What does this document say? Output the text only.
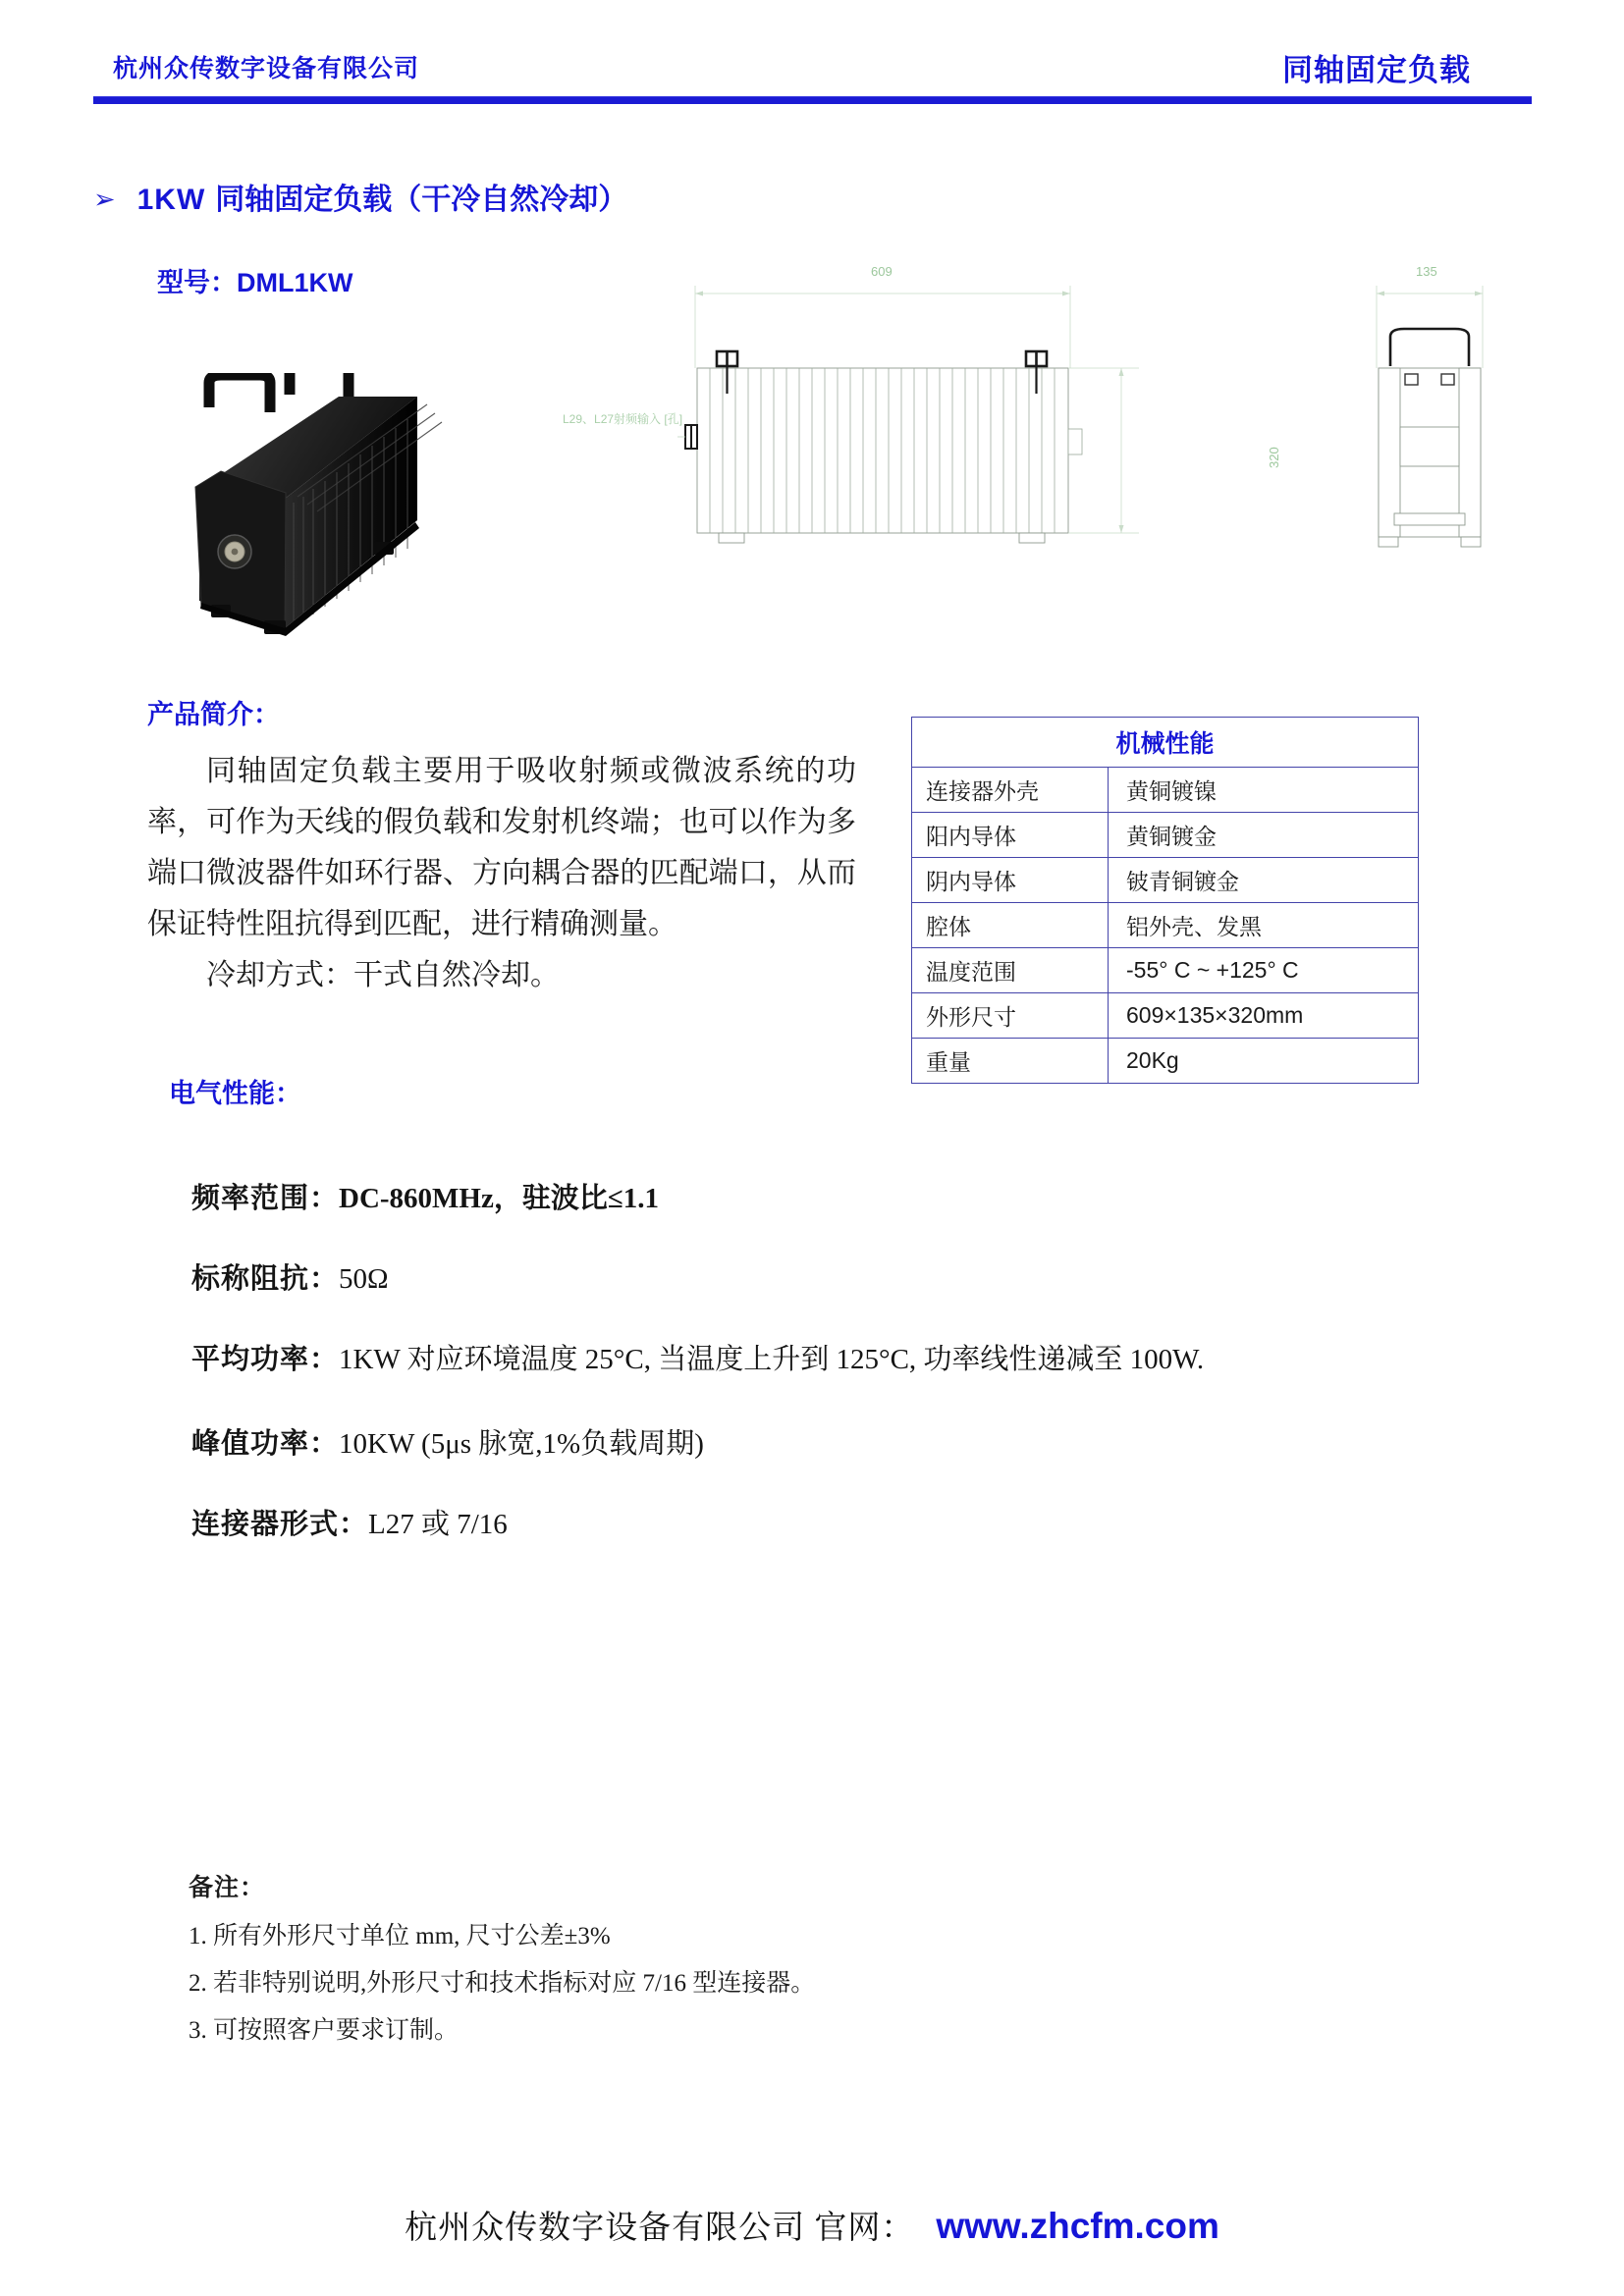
杭州众传数字设备有限公司	同轴固定负载
➢ 1KW 同轴固定负载（干冷自然冷却）
型号：DML1KW	609
320
135
L29、L27射频输入 [孔]
产品简介：

同轴固定负载主要用于吸收射频或微波系统的功率，可作为天线的假负载和发射机终端；也可以作为多端口微波器件如环行器、方向耦合器的匹配端口，从而保证特性阻抗得到匹配，进行精确测量。

冷却方式：干式自然冷却。

机械性能	
连接器外壳	黄铜镀镍
阳内导体	黄铜镀金
阴内导体	铍青铜镀金
腔体	铝外壳、发黑
温度范围	-55° C ~ +125° C
外形尺寸	609×135×320mm
重量	20Kg
电气性能：
频率范围：DC-860MHz，驻波比≤1.1
标称阻抗：50Ω
平均功率：1KW 对应环境温度 25°C, 当温度上升到 125°C, 功率线性递减至 100W.
峰值功率：10KW (5μs 脉宽,1%负载周期)
连接器形式：L27 或 7/16
备注：
1. 所有外形尺寸单位 mm, 尺寸公差±3%
2. 若非特别说明,外形尺寸和技术指标对应 7/16 型连接器。
3. 可按照客户要求订制。
杭州众传数字设备有限公司 官网： www.zhcfm.com
